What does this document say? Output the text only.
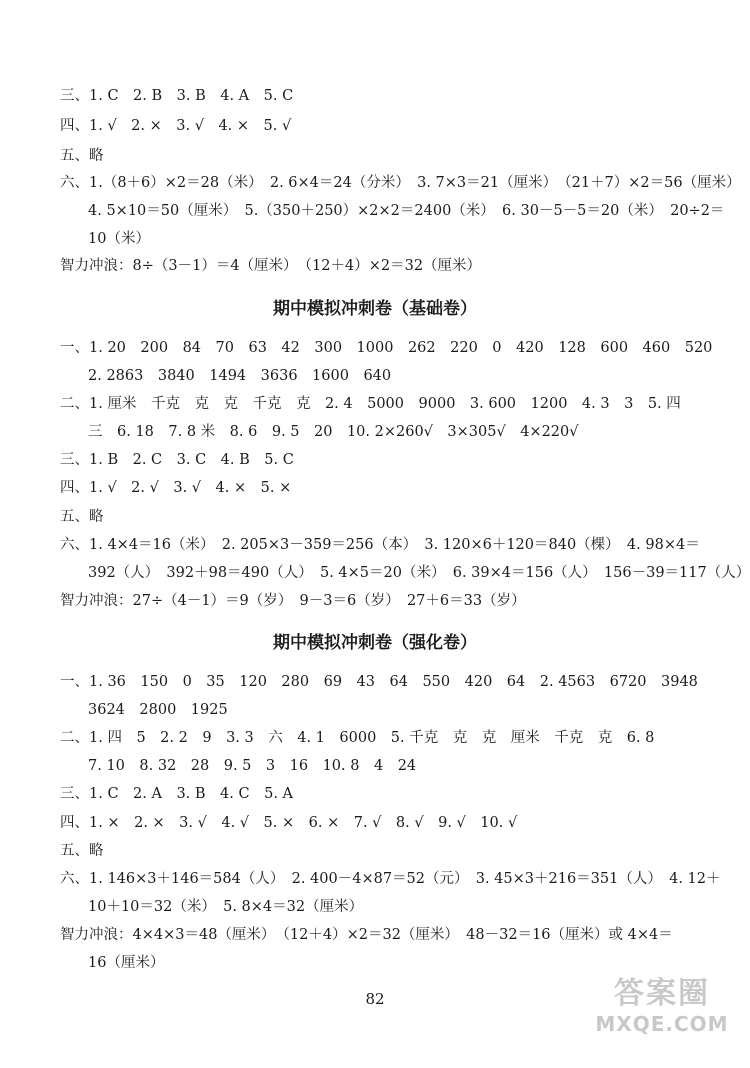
三、1. C　2. B　3. B　4. A　5. C
四、1. √　2. ×　3. √　4. ×　5. √
五、略
六、1.（8＋6）×2＝28（米）　2. 6×4＝24（分米）　3. 7×3＝21（厘米）　（21＋7）×2＝56（厘米）
4. 5×10＝50（厘米）　5.（350＋250）×2×2＝2400（米）　6. 30－5－5＝20（米）　20÷2＝
10（米）
智力冲浪：8÷（3－1）＝4（厘米）　（12＋4）×2＝32（厘米）
期中模拟冲刺卷（基础卷）
一、1. 20　200　84　70　63　42　300　1000　262　220　0　420　128　600　460　520
2. 2863　3840　1494　3636　1600　640
二、1. 厘米　千克　克　克　千克　克　2. 4　5000　9000　3. 600　1200　4. 3　3　5. 四
三　6. 18　7. 8 米　8. 6　9. 5　20　10. 2×260√　3×305√　4×220√
三、1. B　2. C　3. C　4. B　5. C
四、1. √　2. √　3. √　4. ×　5. ×
五、略
六、1. 4×4＝16（米）　2. 205×3－359＝256（本）　3. 120×6＋120＝840（棵）　4. 98×4＝
392（人）　392＋98＝490（人）　5. 4×5＝20（米）　6. 39×4＝156（人）　156－39＝117（人）
智力冲浪：27÷（4－1）＝9（岁）　9－3＝6（岁）　27＋6＝33（岁）
期中模拟冲刺卷（强化卷）
一、1. 36　150　0　35　120　280　69　43　64　550　420　64　2. 4563　6720　3948
3624　2800　1925
二、1. 四　5　2. 2　9　3. 3　六　4. 1　6000　5. 千克　克　克　厘米　千克　克　6. 8
7. 10　8. 32　28　9. 5　3　16　10. 8　4　24
三、1. C　2. A　3. B　4. C　5. A
四、1. ×　2. ×　3. √　4. √　5. ×　6. ×　7. √　8. √　9. √　10. √
五、略
六、1. 146×3＋146＝584（人）　2. 400－4×87＝52（元）　3. 45×3＋216＝351（人）　4. 12＋
10＋10＝32（米）　5. 8×4＝32（厘米）
智力冲浪：4×4×3＝48（厘米）　（12＋4）×2＝32（厘米）　48－32＝16（厘米）或 4×4＝
16（厘米）
82	答案圈
MXQE.COM
